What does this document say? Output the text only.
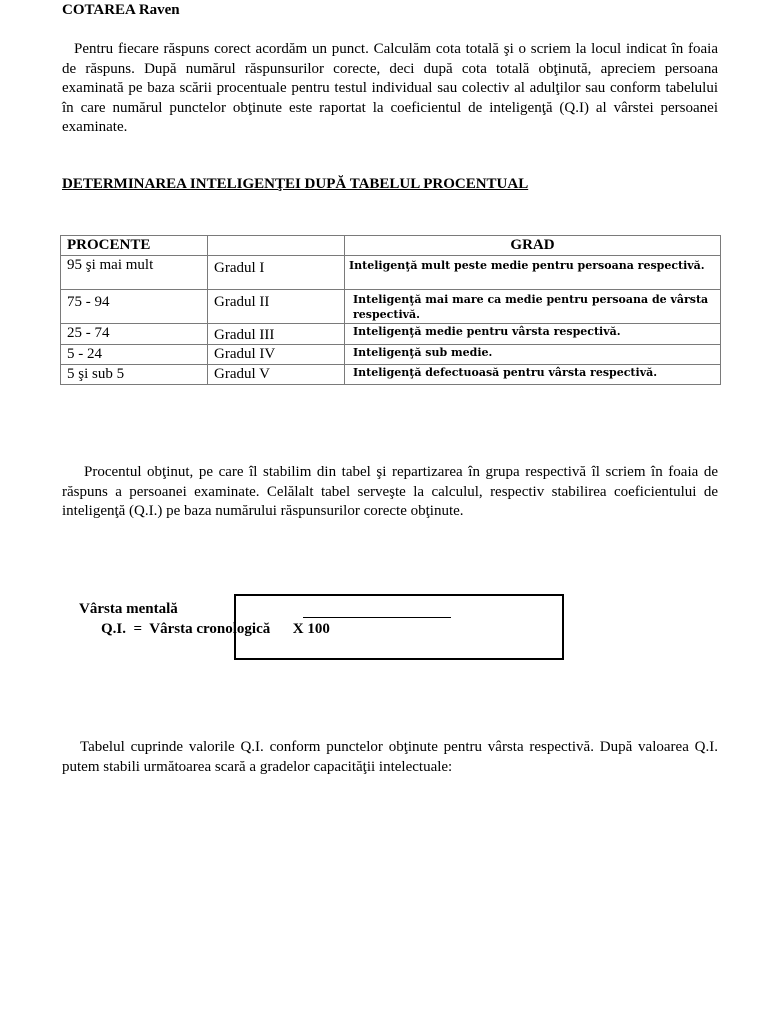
COTAREA Raven

Pentru fiecare răspuns corect acordăm un punct. Calculăm cota totală şi o scriem la locul indicat în foaia de răspuns. După numărul răspunsurilor corecte, deci după cota totală obţinută, apreciem persoana examinată pe baza scării procentuale pentru testul individual sau colectiv al adulţilor sau conform tabelului în care numărul punctelor obţinute este raportat la coeficientul de inteligenţă (Q.I) al vârstei persoanei examinate.

DETERMINAREA INTELIGENŢEI DUPĂ TABELUL PROCENTUAL
PROCENTE		GRAD
95 şi mai mult	Gradul I	Inteligenţă mult peste medie pentru persoana respectivă.
75 - 94	Gradul II	Inteligenţă mai mare ca medie pentru persoana de vârsta respectivă.
25 - 74	Gradul III	Inteligenţă medie pentru vârsta respectivă.
5 - 24	Gradul IV	Inteligenţă sub medie.
5 şi sub 5	Gradul V	Inteligenţă defectuoasă pentru vârsta respectivă.

Procentul obţinut, pe care îl stabilim din tabel şi repartizarea în grupa respectivă îl scriem în foaia de răspuns a persoanei examinate. Celălalt tabel serveşte la calculul, respectiv stabilirea coeficientului de inteligenţă (Q.I.) pe baza numărului răspunsurilor corecte obţinute.

Vârsta mentală
Q.I.  = Vârsta cronologică X 100

Tabelul cuprinde valorile Q.I. conform punctelor obţinute pentru vârsta respectivă. După valoarea Q.I. putem stabili următoarea scară a gradelor capacităţii intelectuale:
